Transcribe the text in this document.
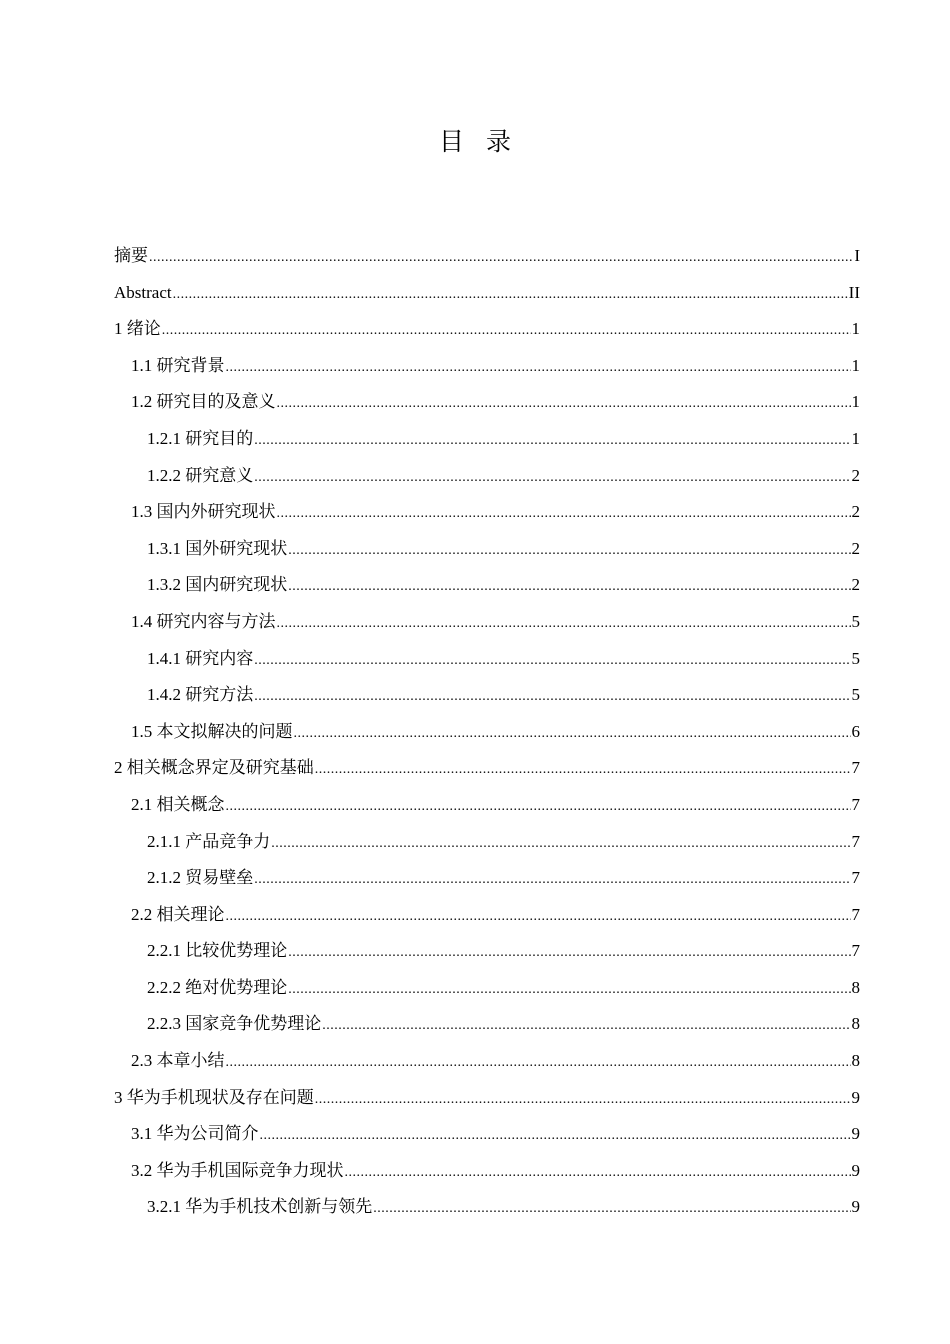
目录
摘要 .....	I
Abstract .....	II
1 绪论 .....	1
1.1 研究背景 .....	1
1.2 研究目的及意义 .....	1
1.2.1 研究目的 .....	1
1.2.2 研究意义 .....	2
1.3 国内外研究现状 .....	2
1.3.1 国外研究现状 .....	2
1.3.2 国内研究现状 .....	2
1.4 研究内容与方法 .....	5
1.4.1 研究内容 .....	5
1.4.2 研究方法 .....	5
1.5 本文拟解决的问题 .....	6
2 相关概念界定及研究基础 .....	7
2.1 相关概念 .....	7
2.1.1 产品竞争力 .....	7
2.1.2 贸易壁垒 .....	7
2.2 相关理论 .....	7
2.2.1 比较优势理论 .....	7
2.2.2 绝对优势理论 .....	8
2.2.3 国家竞争优势理论 .....	8
2.3 本章小结 .....	8
3 华为手机现状及存在问题 .....	9
3.1 华为公司简介 .....	9
3.2 华为手机国际竞争力现状 .....	9
3.2.1 华为手机技术创新与领先 .....	9
